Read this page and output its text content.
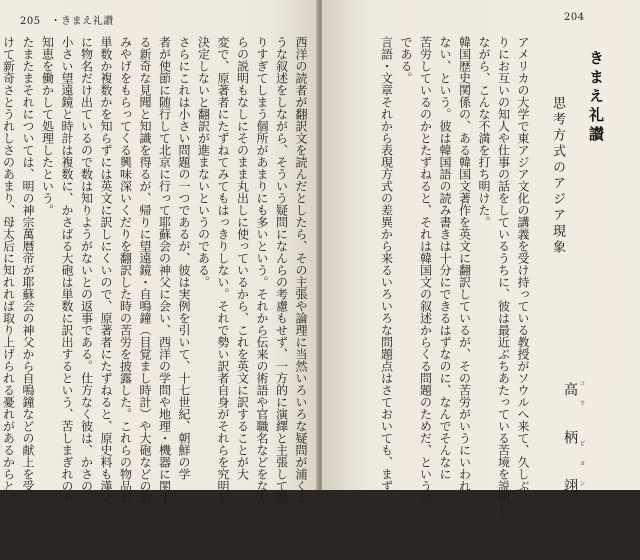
205 ・きまえ礼讃
西洋の読者が翻訳文を読んだとしたら、その主張や論理に当然いろいろな疑問が浦くよ
うな叙述をしながら、そういう疑問になんらの考慮もせず、一方的に演繹と主張して通
りすぎてしまう個所があまりにも多いという。それから伝来の術語や官職名などをなん
らの説明もなしにそのまま丸出しに使っているから、これを英文に訳することが大
変で、原著者にたずねてみてもはっきりしない。それで勢い訳者自身がそれらを究明し
決定しないと翻訳が進まないというのである。
さらにこれは小さい問題の一つであるが、彼は実例を引いて、十七世紀、朝鮮の学
者が使節に随行して北京に行って耶蘇会の神父に会い、西洋の学問や地理・機器に関す
る新奇な見聞と知識を得るが、帰りに望遠鏡・自鳴鐘（目覚まし時計）や大砲などのお
みやげをもらってくる興味深いくだりを翻訳した時の苦労を披露した。これらの物品が
単数か複数かを知らずには英文に訳しにくいので、原著者にたずねると、原史料も漢文
に物名だけ出ているので数は知りようがないとの返事である。仕方なく彼は、かさの
小さい望遠鏡と時計は複数に、かさばる大砲は単数に訳出するという、苦しまぎれの小
知恵を働かして処理したという。
たまたまそれについては、明の神宗萬暦帝が耶蘇会の神父から自鳴鐘などの献上を受
けて新奇さとうれしさのあまり、母太后に知れれば取り上げられる憂れがあるからと、
204
きまえ礼讃
思考方式のアジア現象
コウ　ビヨン　イク
高　柄　翊
アメリカの大学で東アジア文化の講義を受け持っている教授がソウルへ来て、久しぶ
りにお互いの知人や仕事の話をしているうちに、彼は最近ぶちあたっている苦境を説明し
ながら、こんな不満を打ち明けた。
韓国歴史関係の、ある韓国文著作を英文に翻訳しているが、その苦労がいうにいわれ
ない、という。彼は韓国語の読み書きは十分にできるはずなのに、なんでそんなに
苦労しているのかとたずねると、それは韓国文の叙述からくる問題のためだ、というの
である。
言語・文章それから表現方式の差異から来るいろいろな問題点はさておいても、まず
